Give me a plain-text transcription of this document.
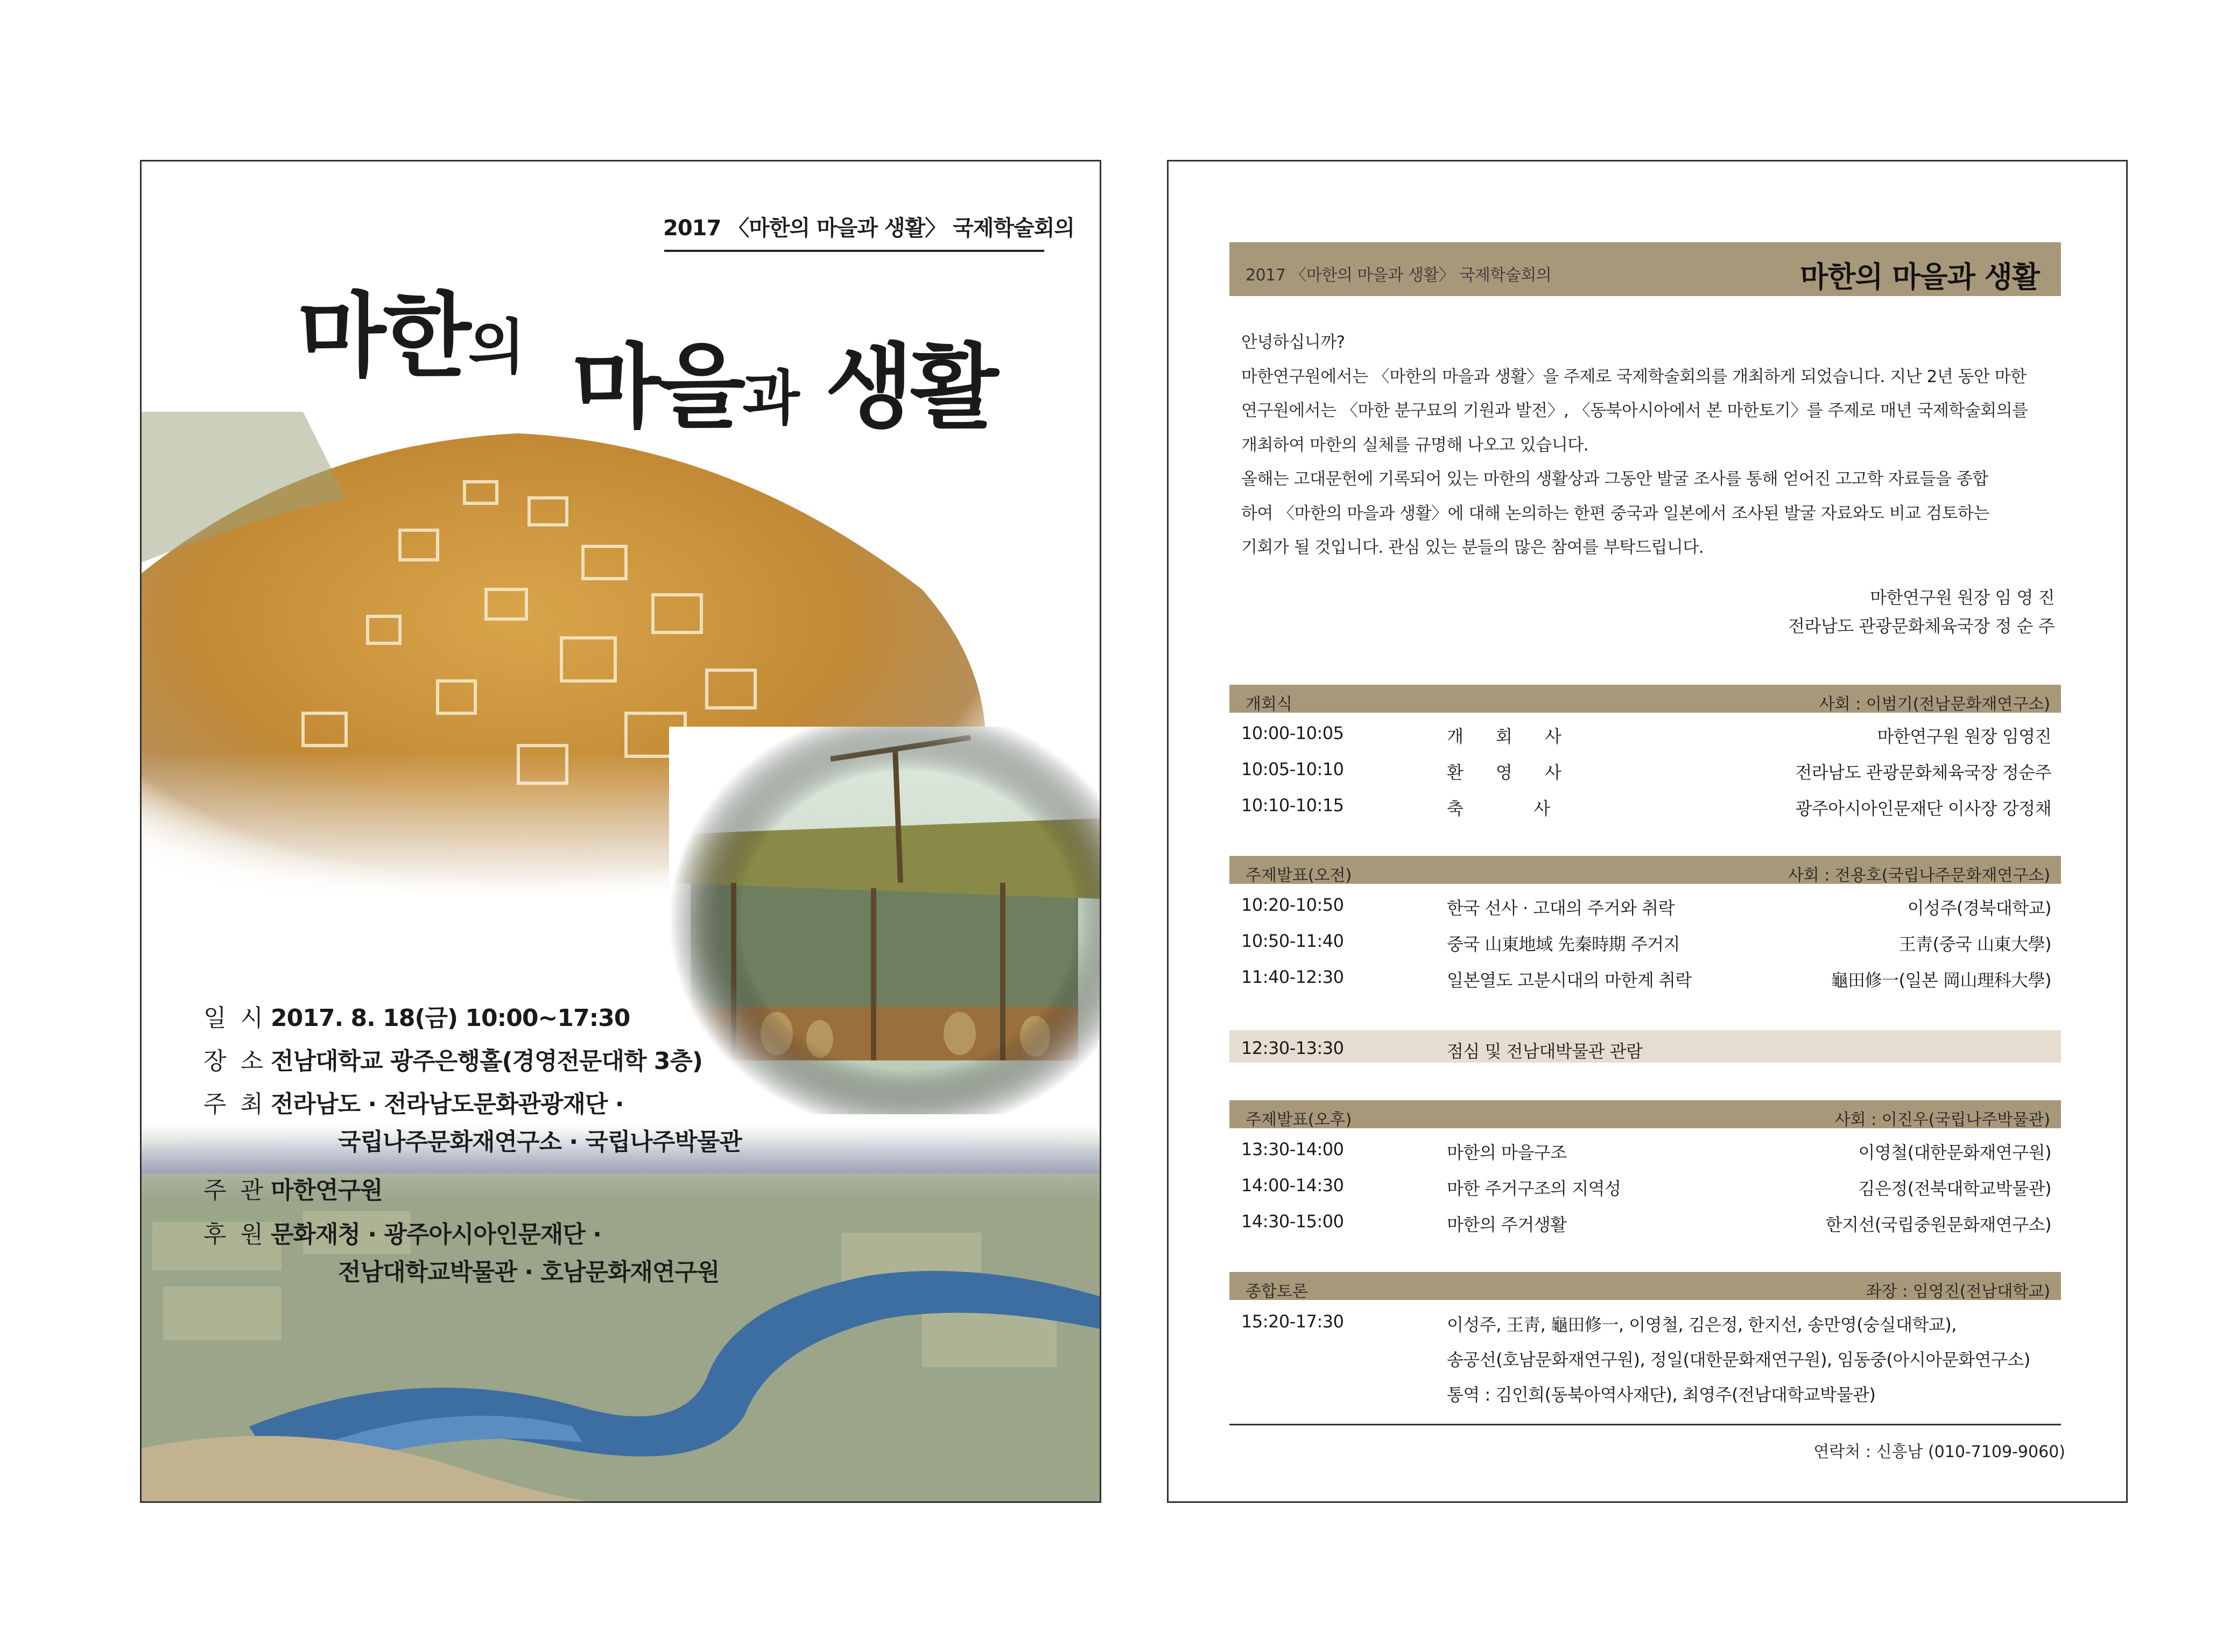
2017 〈마한의 마을과 생활〉 국제학술회의
마한의 마을과 생활
일 시 2017. 8. 18(금) 10:00~17:30
장 소 전남대학교 광주은행홀(경영전문대학 3층)
주 최 전라남도 · 전라남도문화관광재단 ·
국립나주문화재연구소 · 국립나주박물관
주 관 마한연구원
후 원 문화재청 · 광주아시아인문재단 ·
전남대학교박물관 · 호남문화재연구원
2017 〈마한의 마을과 생활〉 국제학술회의	마한의 마을과 생활

안녕하십니까?

마한연구원에서는 〈마한의 마을과 생활〉을 주제로 국제학술회의를 개최하게 되었습니다. 지난 2년 동안 마한

연구원에서는 〈마한 분구묘의 기원과 발전〉, 〈동북아시아에서 본 마한토기〉를 주제로 매년 국제학술회의를

개최하여 마한의 실체를 규명해 나오고 있습니다.

올해는 고대문헌에 기록되어 있는 마한의 생활상과 그동안 발굴 조사를 통해 얻어진 고고학 자료들을 종합

하여 〈마한의 마을과 생활〉에 대해 논의하는 한편 중국과 일본에서 조사된 발굴 자료와도 비교 검토하는

기회가 될 것입니다. 관심 있는 분들의 많은 참여를 부탁드립니다.

마한연구원 원장 임 영 진
전라남도 관광문화체육국장 정 순 주
개회식	사회 : 이범기(전남문화재연구소)
10:00-10:05	개회사	마한연구원 원장 임영진
10:05-10:10	환영사	전라남도 관광문화체육국장 정순주
10:10-10:15	축 사	광주아시아인문재단 이사장 강정채
주제발표(오전)	사회 : 전용호(국립나주문화재연구소)
10:20-10:50	한국 선사 · 고대의 주거와 취락	이성주(경북대학교)
10:50-11:40	중국 山東地域 先秦時期 주거지	王靑(중국 山東大學)
11:40-12:30	일본열도 고분시대의 마한계 취락	龜田修一(일본 岡山理科大學)
12:30-13:30	점심 및 전남대박물관 관람
주제발표(오후)	사회 : 이진우(국립나주박물관)
13:30-14:00	마한의 마을구조	이영철(대한문화재연구원)
14:00-14:30	마한 주거구조의 지역성	김은정(전북대학교박물관)
14:30-15:00	마한의 주거생활	한지선(국립중원문화재연구소)
종합토론	좌장 : 임영진(전남대학교)
15:20-17:30	이성주, 王靑, 龜田修一, 이영철, 김은정, 한지선, 송만영(숭실대학교),
송공선(호남문화재연구원), 정일(대한문화재연구원), 임동중(아시아문화연구소)
통역 : 김인희(동북아역사재단), 최영주(전남대학교박물관)
연락처 : 신흥남 (010-7109-9060)
